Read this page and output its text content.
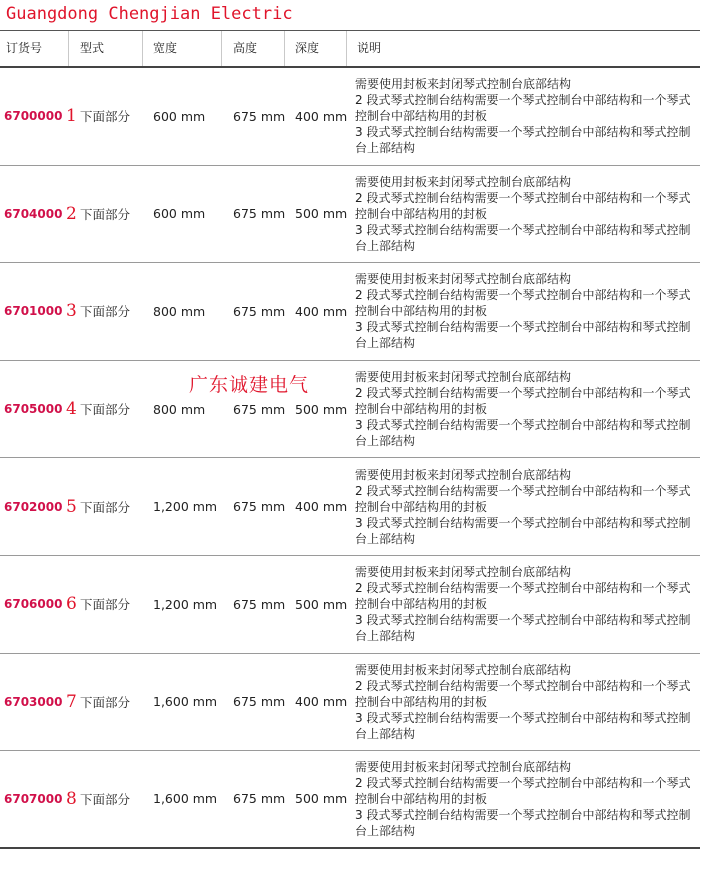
Guangdong Chengjian Electric
订货号	型式	宽度	高度	深度	说明
6700000 1 下面部分 600 mm 675 mm 400 mm
需要使用封板来封闭琴式控制台底部结构
2 段式琴式控制台结构需要一个琴式控制台中部结构和一个琴式控制台中部结构用的封板
3 段式琴式控制台结构需要一个琴式控制台中部结构和琴式控制台上部结构
6704000 2 下面部分 600 mm 675 mm 500 mm
需要使用封板来封闭琴式控制台底部结构
2 段式琴式控制台结构需要一个琴式控制台中部结构和一个琴式控制台中部结构用的封板
3 段式琴式控制台结构需要一个琴式控制台中部结构和琴式控制台上部结构
6701000 3 下面部分 800 mm 675 mm 400 mm
需要使用封板来封闭琴式控制台底部结构
2 段式琴式控制台结构需要一个琴式控制台中部结构和一个琴式控制台中部结构用的封板
3 段式琴式控制台结构需要一个琴式控制台中部结构和琴式控制台上部结构
6705000 4 下面部分 800 mm 675 mm 500 mm
需要使用封板来封闭琴式控制台底部结构
2 段式琴式控制台结构需要一个琴式控制台中部结构和一个琴式控制台中部结构用的封板
3 段式琴式控制台结构需要一个琴式控制台中部结构和琴式控制台上部结构
6702000 5 下面部分 1,200 mm 675 mm 400 mm
需要使用封板来封闭琴式控制台底部结构
2 段式琴式控制台结构需要一个琴式控制台中部结构和一个琴式控制台中部结构用的封板
3 段式琴式控制台结构需要一个琴式控制台中部结构和琴式控制台上部结构
6706000 6 下面部分 1,200 mm 675 mm 500 mm
需要使用封板来封闭琴式控制台底部结构
2 段式琴式控制台结构需要一个琴式控制台中部结构和一个琴式控制台中部结构用的封板
3 段式琴式控制台结构需要一个琴式控制台中部结构和琴式控制台上部结构
6703000 7 下面部分 1,600 mm 675 mm 400 mm
需要使用封板来封闭琴式控制台底部结构
2 段式琴式控制台结构需要一个琴式控制台中部结构和一个琴式控制台中部结构用的封板
3 段式琴式控制台结构需要一个琴式控制台中部结构和琴式控制台上部结构
6707000 8 下面部分 1,600 mm 675 mm 500 mm
需要使用封板来封闭琴式控制台底部结构
2 段式琴式控制台结构需要一个琴式控制台中部结构和一个琴式控制台中部结构用的封板
3 段式琴式控制台结构需要一个琴式控制台中部结构和琴式控制台上部结构
广东诚建电气
